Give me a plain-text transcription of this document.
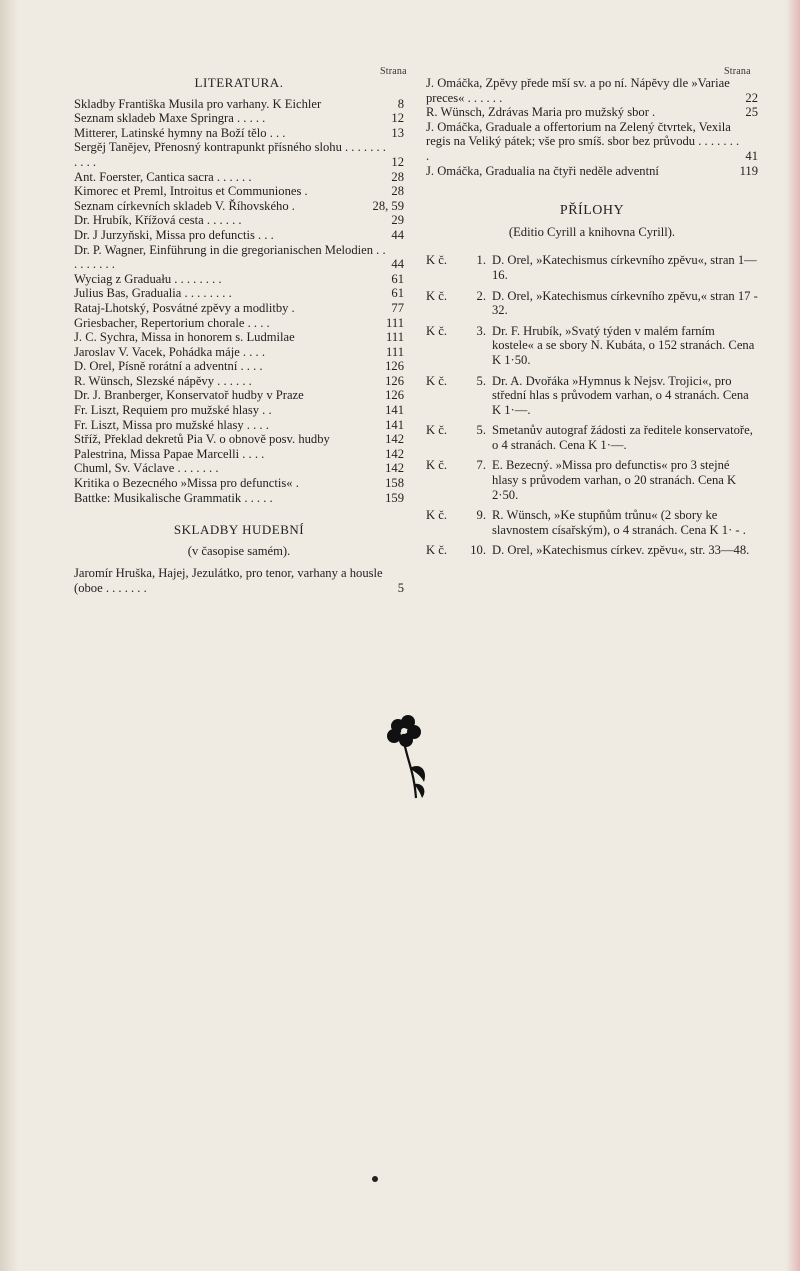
Strana	Strana
LITERATURA.
Skladby Františka Musila pro varhany. K Eichler	8
Seznam skladeb Maxe Springra . . . . .	12
Mitterer, Latinské hymny na Boží tělo . . .	13
Sergěj Taněјev, Přenosný kontrapunkt přísného slohu . . . . . . . . . . .	12
Ant. Foerster, Cantica sacra . . . . . .	28
Kimorec et Preml, Introitus et Communiones .	28
Seznam církevních skladeb V. Říhovského .	28, 59
Dr. Hrubík, Křížová cesta . . . . . .	29
Dr. J Jurzyňski, Missa pro defunctis . . .	44
Dr. P. Wagner, Einführung in die gregorianischen Melodien . . . . . . . . .	44
Wyciag z Graduału . . . . . . . .	61
Julius Bas, Gradualia . . . . . . . .	61
Rataj-Lhotský, Posvátné zpěvy a modlitby .	77
Griesbacher, Repertorium chorale . . . .	111
J. C. Sychra, Missa in honorem s. Ludmilae	111
Jaroslav V. Vacek, Pohádka máje . . . .	111
D. Orel, Písně rorátní a adventní . . . .	126
R. Wünsch, Slezské nápěvy . . . . . .	126
Dr. J. Branberger, Konservatoř hudby v Praze	126
Fr. Liszt, Requiem pro mužské hlasy . .	141
Fr. Liszt, Missa pro mužské hlasy . . . .	141
Stříž, Překlad dekretů Pia V. o obnově posv. hudby	142
Palestrina, Missa Papae Marcelli . . . .	142
Chuml, Sv. Václave . . . . . . .	142
Kritika o Bezecného »Missa pro defunctis« .	158
Battke: Musikalische Grammatik . . . . .	159
SKLADBY HUDEBNÍ
(v časopise samém).
Jaromír Hruška, Hajej, Jezulátko, pro tenor, varhany a housle (oboe . . . . . . .	5
J. Omáčka, Zpěvy přede mší sv. a po ní. Nápěvy dle »Variae preces« . . . . . .	22
R. Wünsch, Zdrávas Maria pro mužský sbor .	25
J. Omáčka, Graduale a offertorium na Zelený čtvrtek, Vexila regis na Veliký pátek; vše pro smíš. sbor bez průvodu . . . . . . . .	41
J. Omáčka, Gradualia na čtyři neděle adventní	119
PŘÍLOHY
(Editio Cyrill a knihovna Cyrill).
K č.	1. D. Orel, »Katechismus církevního zpěvu«, stran 1—16.
K č.	2. D. Orel, »Katechismus církevního zpěvu,« stran 17 - 32.
K č.	3. Dr. F. Hrubík, »Svatý týden v malém farním kostele« a se sbory N. Kubáta, o 152 stranách. Cena K 1·50.
K č.	5. Dr. A. Dvořáka »Hymnus k Nejsv. Trojici«, pro střední hlas s průvodem varhan, o 4 stranách. Cena K 1·—.
K č.	5. Smetanův autograf žádosti za ředitele konservatoře, o 4 stranách. Cena K 1·—.
K č.	7. E. Bezecný. »Missa pro defunctis« pro 3 stejné hlasy s průvodem varhan, o 20 stranách. Cena K 2·50.
K č.	9. R. Wünsch, »Ke stupňům trůnu« (2 sbory ke slavnostem císařským), o 4 stranách. Cena K 1· - .
K č.	10. D. Orel, »Katechismus církev. zpěvu«, str. 33—48.
